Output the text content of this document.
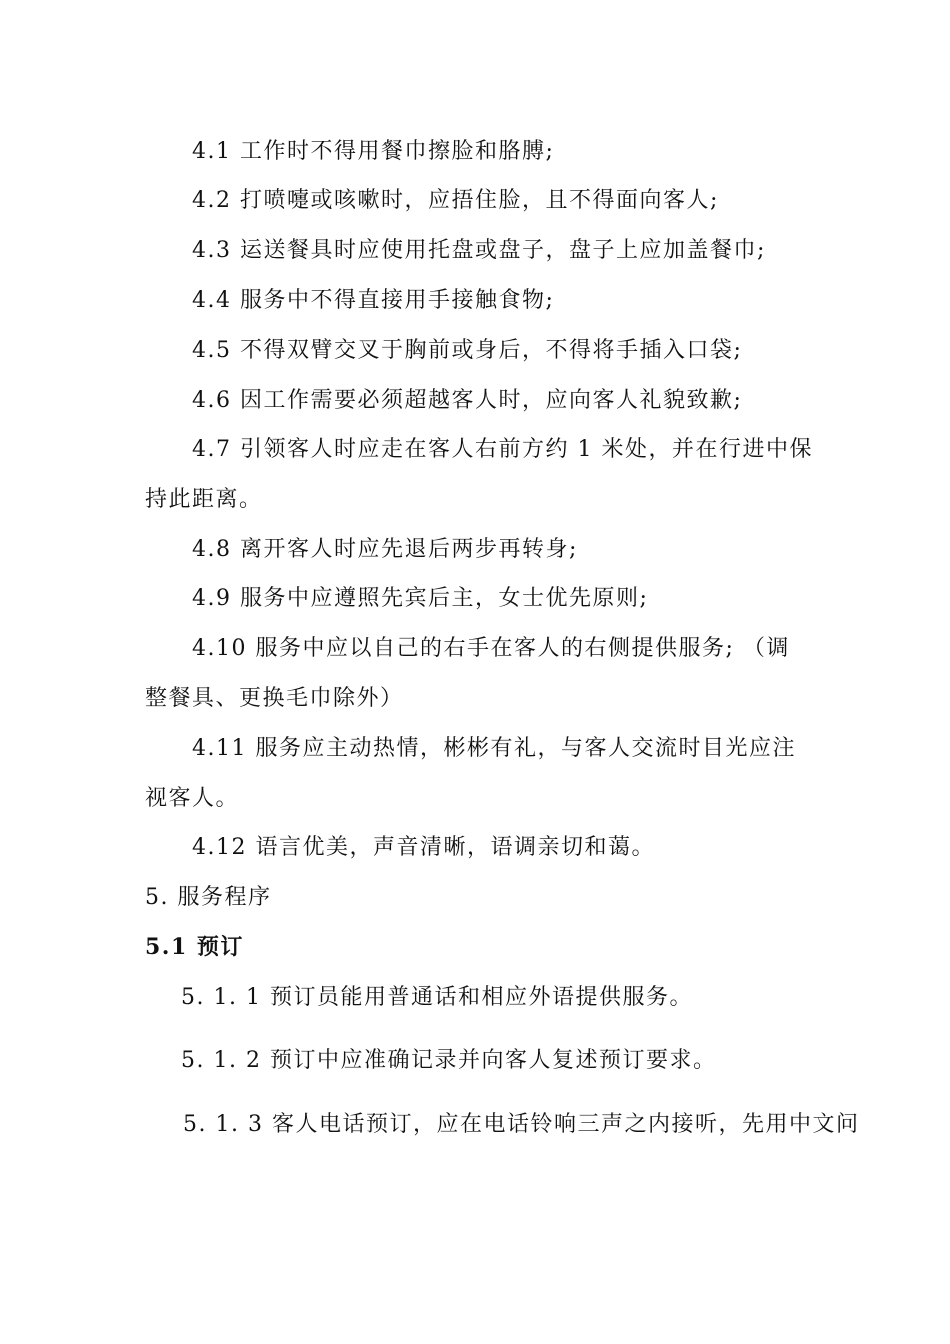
4.1 工作时不得用餐巾擦脸和胳膊;
4.2 打喷嚏或咳嗽时，应捂住脸，且不得面向客人;
4.3 运送餐具时应使用托盘或盘子，盘子上应加盖餐巾;
4.4 服务中不得直接用手接触食物;
4.5 不得双臂交叉于胸前或身后，不得将手插入口袋;
4.6 因工作需要必须超越客人时，应向客人礼貌致歉;
4.7 引领客人时应走在客人右前方约 1 米处，并在行进中保
持此距离。
4.8 离开客人时应先退后两步再转身;
4.9 服务中应遵照先宾后主，女士优先原则;
4.10 服务中应以自己的右手在客人的右侧提供服务; （调
整餐具、更换毛巾除外）
4.11 服务应主动热情，彬彬有礼，与客人交流时目光应注
视客人。
4.12 语言优美，声音清晰，语调亲切和蔼。
5. 服务程序
5.1 预订
5. 1. 1 预订员能用普通话和相应外语提供服务。
5. 1. 2 预订中应准确记录并向客人复述预订要求。
5. 1. 3 客人电话预订，应在电话铃响三声之内接听，先用中文问
